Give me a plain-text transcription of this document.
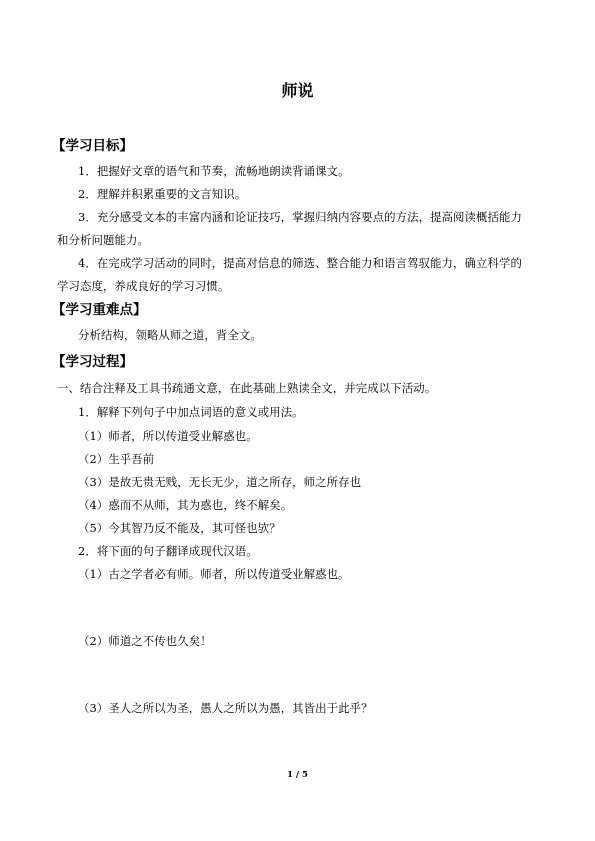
师说
【学习目标】
1．把握好文章的语气和节奏，流畅地朗读背诵课文。
2．理解并积累重要的文言知识。
3．充分感受文本的丰富内涵和论证技巧，掌握归纳内容要点的方法，提高阅读概括能力
和分析问题能力。
4．在完成学习活动的同时，提高对信息的筛选、整合能力和语言驾驭能力，确立科学的
学习态度，养成良好的学习习惯。
【学习重难点】
分析结构，领略从师之道，背全文。
【学习过程】
一、结合注释及工具书疏通文意，在此基础上熟读全文，并完成以下活动。
1．解释下列句子中加点词语的意义或用法。
（1）师者，所以传道受业解惑也。
（2）生乎吾前
（3）是故无贵无贱，无长无少，道之所存，师之所存也
（4）惑而不从师，其为惑也，终不解矣。
（5）今其智乃反不能及，其可怪也欤？
2．将下面的句子翻译成现代汉语。
（1）古之学者必有师。师者，所以传道受业解惑也。
（2）师道之不传也久矣！
（3）圣人之所以为圣，愚人之所以为愚，其皆出于此乎？
1 / 5
